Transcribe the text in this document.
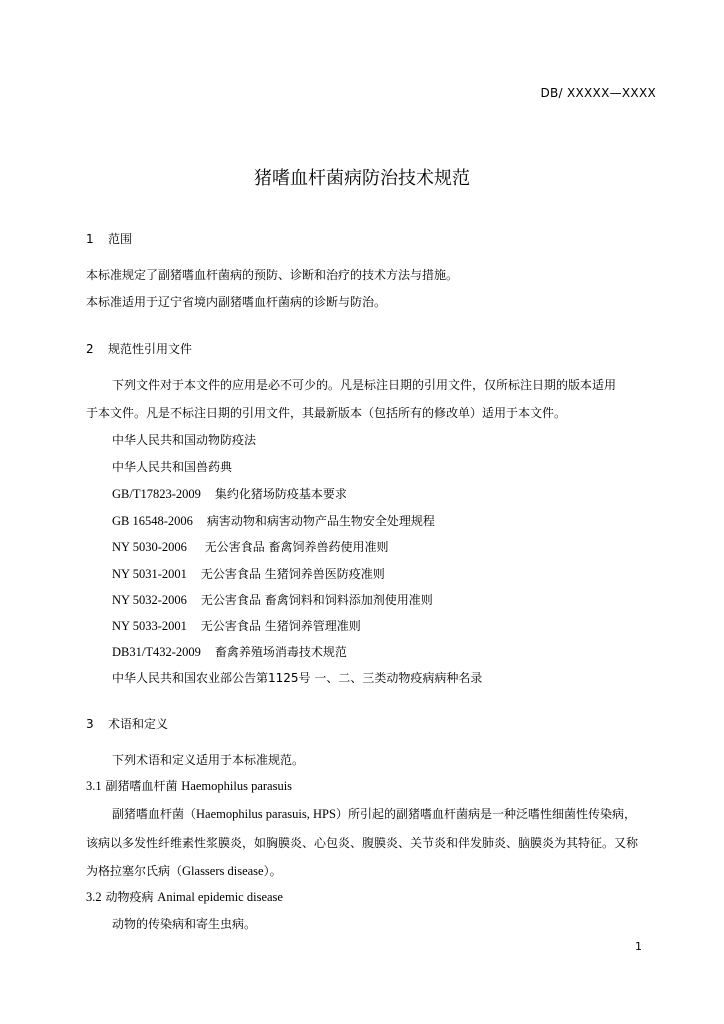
DB/ XXXXX—XXXX
猪嗜血杆菌病防治技术规范
1 范围
本标准规定了副猪嗜血杆菌病的预防、诊断和治疗的技术方法与措施。
本标准适用于辽宁省境内副猪嗜血杆菌病的诊断与防治。
2 规范性引用文件
下列文件对于本文件的应用是必不可少的。凡是标注日期的引用文件，仅所标注日期的版本适用
于本文件。凡是不标注日期的引用文件，其最新版本（包括所有的修改单）适用于本文件。
中华人民共和国动物防疫法
中华人民共和国兽药典
GB/T17823-2009 集约化猪场防疫基本要求
GB 16548-2006 病害动物和病害动物产品生物安全处理规程
NY 5030-2006 无公害食品 畜禽饲养兽药使用准则
NY 5031-2001 无公害食品 生猪饲养兽医防疫准则
NY 5032-2006 无公害食品 畜禽饲料和饲料添加剂使用准则
NY 5033-2001 无公害食品 生猪饲养管理准则
DB31/T432-2009 畜禽养殖场消毒技术规范
中华人民共和国农业部公告第1125号 一、二、三类动物疫病病种名录
3 术语和定义
下列术语和定义适用于本标准规范。
3.1 副猪嗜血杆菌 Haemophilus parasuis
副猪嗜血杆菌（Haemophilus parasuis, HPS）所引起的副猪嗜血杆菌病是一种泛嗜性细菌性传染病，
该病以多发性纤维素性浆膜炎，如胸膜炎、心包炎、腹膜炎、关节炎和伴发肺炎、脑膜炎为其特征。又称
为格拉塞尔氏病（Glassers disease）。
3.2 动物疫病 Animal epidemic disease
动物的传染病和寄生虫病。
1
